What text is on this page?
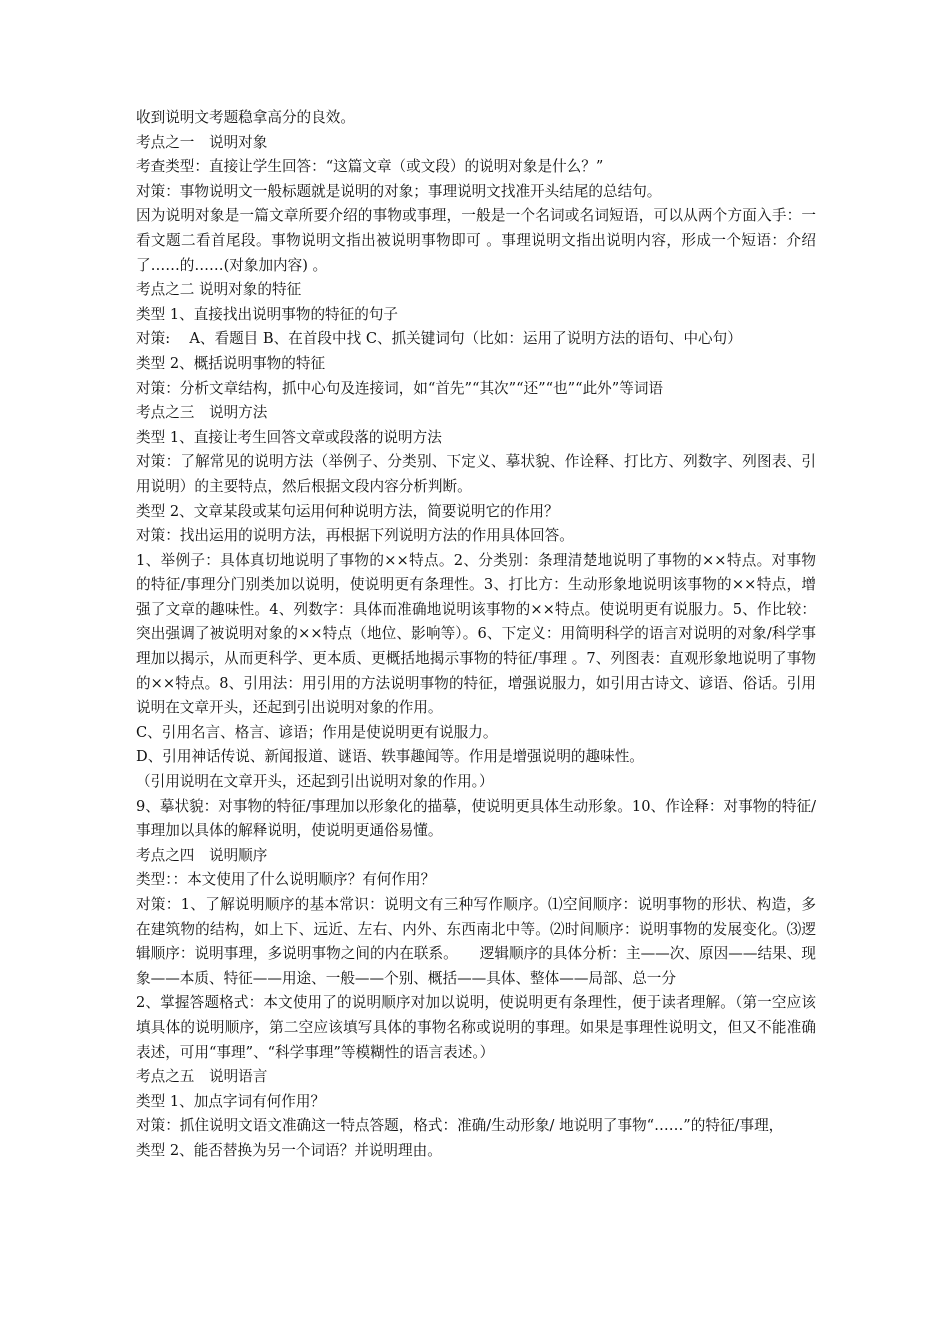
收到说明文考题稳拿高分的良效。

考点之一　说明对象

考查类型：直接让学生回答：“这篇文章（或文段）的说明对象是什么？”

对策：事物说明文一般标题就是说明的对象；事理说明文找准开头结尾的总结句。

因为说明对象是一篇文章所要介绍的事物或事理，一般是一个名词或名词短语，可以从两个方面入手：一看文题二看首尾段。事物说明文指出被说明事物即可 。事理说明文指出说明内容，形成一个短语：介绍了……的……(对象加内容) 。

考点之二 说明对象的特征

类型 1、直接找出说明事物的特征的句子

对策:　 A、看题目 B、在首段中找 C、抓关键词句（比如：运用了说明方法的语句、中心句）

类型 2、概括说明事物的特征

对策：分析文章结构，抓中心句及连接词，如“首先”“其次”“还”“也”“此外”等词语

考点之三　说明方法

类型 1、直接让考生回答文章或段落的说明方法

对策：了解常见的说明方法（举例子、分类别、下定义、摹状貌、作诠释、打比方、列数字、列图表、引用说明）的主要特点，然后根据文段内容分析判断。

类型 2、文章某段或某句运用何种说明方法，简要说明它的作用？

对策：找出运用的说明方法，再根据下列说明方法的作用具体回答。

1、举例子：具体真切地说明了事物的××特点。2、分类别：条理清楚地说明了事物的××特点。对事物的特征/事理分门别类加以说明，使说明更有条理性。3、打比方：生动形象地说明该事物的××特点，增强了文章的趣味性。4、列数字：具体而准确地说明该事物的××特点。使说明更有说服力。5、作比较：突出强调了被说明对象的××特点（地位、影响等）。6、下定义：用简明科学的语言对说明的对象/科学事理加以揭示，从而更科学、更本质、更概括地揭示事物的特征/事理 。7、列图表：直观形象地说明了事物的××特点。8、引用法：用引用的方法说明事物的特征，增强说服力，如引用古诗文、谚语、俗话。引用说明在文章开头，还起到引出说明对象的作用。

C、引用名言、格言、谚语；作用是使说明更有说服力。

D、引用神话传说、新闻报道、谜语、轶事趣闻等。作用是增强说明的趣味性。

（引用说明在文章开头，还起到引出说明对象的作用。）

9、摹状貌：对事物的特征/事理加以形象化的描摹，使说明更具体生动形象。10、作诠释：对事物的特征/事理加以具体的解释说明，使说明更通俗易懂。

考点之四　说明顺序

类型：：本文使用了什么说明顺序？有何作用？

对策：1、了解说明顺序的基本常识：说明文有三种写作顺序。⑴空间顺序：说明事物的形状、构造，多在建筑物的结构，如上下、远近、左右、内外、东西南北中等。⑵时间顺序：说明事物的发展变化。⑶逻辑顺序：说明事理，多说明事物之间的内在联系。　　逻辑顺序的具体分析：主——次、原因——结果、现象——本质、特征——用途、一般——个别、概括——具体、整体——局部、总一分

2、掌握答题格式：本文使用了的说明顺序对加以说明，使说明更有条理性，便于读者理解。（第一空应该填具体的说明顺序，第二空应该填写具体的事物名称或说明的事理。如果是事理性说明文，但又不能准确表述，可用“事理”、“科学事理”等模糊性的语言表述。）

考点之五　说明语言

类型 1、加点字词有何作用？

对策：抓住说明文语文准确这一特点答题，格式：准确/生动形象/ 地说明了事物“……”的特征/事理，

类型 2、能否替换为另一个词语？并说明理由。
